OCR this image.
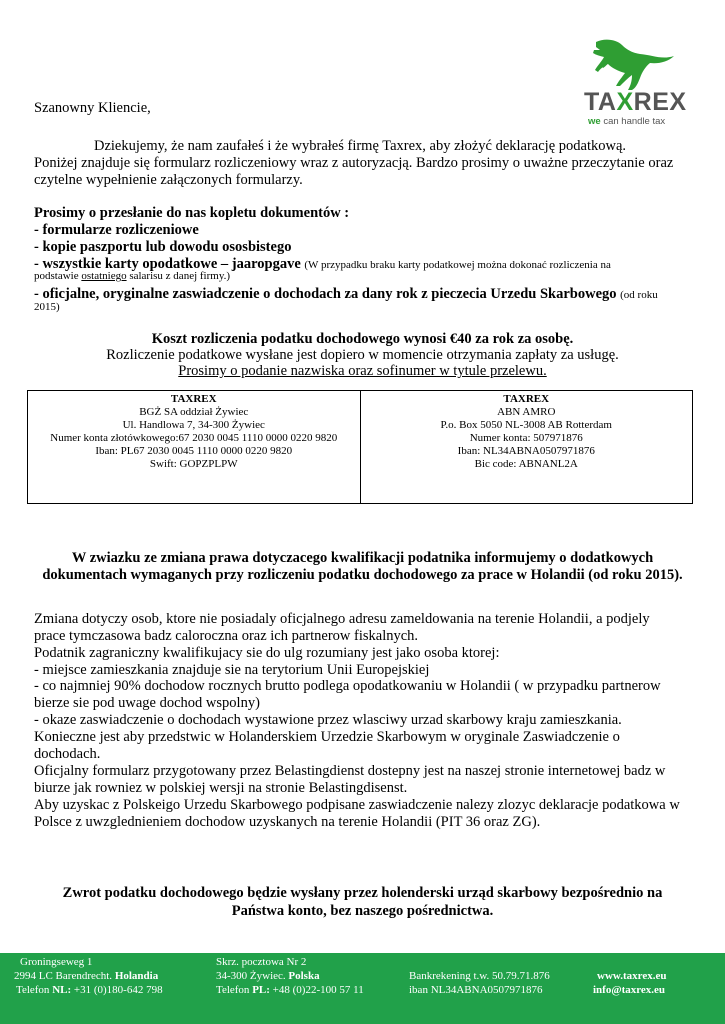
TAXREX
we can handle tax
Szanowny Kliencie,
Dziekujemy, że nam zaufałeś i że wybrałeś firmę Taxrex, aby złożyć deklarację podatkową.
Poniżej znajduje się formularz rozliczeniowy wraz z autoryzacją. Bardzo prosimy o uważne przeczytanie oraz
czytelne wypełnienie załączonych formularzy.
Prosimy o przesłanie do nas kopletu dokumentów :
- formularze rozliczeniowe
- kopie paszportu lub dowodu ososbistego
- wszystkie karty opodatkowe – jaaropgave (W przypadku braku karty podatkowej można dokonać rozliczenia na
podstawie ostatniego salarisu z danej firmy.)
- oficjalne, oryginalne zaswiadczenie o dochodach za dany rok z pieczecia Urzedu Skarbowego (od roku
2015)
Koszt rozliczenia podatku dochodowego wynosi €40 za rok za osobę.
Rozliczenie podatkowe wysłane jest dopiero w momencie otrzymania zapłaty za usługę.
Prosimy o podanie nazwiska oraz sofinumer w tytule przelewu.
TAXREX
BGŻ SA oddział Żywiec
Ul. Handlowa 7, 34-300 Żywiec
Numer konta złotówkowego:67 2030 0045 1110 0000 0220 9820
Iban: PL67 2030 0045 1110 0000 0220 9820
Swift: GOPZPLPW
TAXREX
ABN AMRO
P.o. Box 5050 NL-3008 AB Rotterdam
Numer konta: 507971876
Iban: NL34ABNA0507971876
Bic code: ABNANL2A
W zwiazku ze zmiana prawa dotyczacego kwalifikacji podatnika informujemy o dodatkowych
dokumentach wymaganych przy rozliczeniu podatku dochodowego za prace w Holandii (od roku 2015).
Zmiana dotyczy osob, ktore nie posiadaly oficjalnego adresu zameldowania na terenie Holandii, a podjely
prace tymczasowa badz caloroczna oraz ich partnerow fiskalnych.
Podatnik zagraniczny kwalifikujacy sie do ulg rozumiany jest jako osoba ktorej:
- miejsce zamieszkania znajduje sie na terytorium Unii Europejskiej
- co najmniej 90% dochodow rocznych brutto podlega opodatkowaniu w Holandii ( w przypadku partnerow
bierze sie pod uwage dochod wspolny)
- okaze zaswiadczenie o dochodach wystawione przez wlasciwy urzad skarbowy kraju zamieszkania.
Konieczne jest aby przedstwic w Holanderskiem Urzedzie Skarbowym w oryginale Zaswiadczenie o
dochodach.
Oficjalny formularz przygotowany przez Belastingdienst dostepny jest na naszej stronie internetowej badz w
biurze jak rowniez w polskiej wersji na stronie Belastingdisenst.
Aby uzyskac z Polskeigo Urzedu Skarbowego podpisane zaswiadczenie nalezy zlozyc deklaracje podatkowa w
Polsce z uwzglednieniem dochodow uzyskanych na terenie Holandii (PIT 36 oraz ZG).
Zwrot podatku dochodowego będzie wysłany przez holenderski urząd skarbowy bezpośrednio na
Państwa konto, bez naszego pośrednictwa.
Groningseweg 1
2994 LC Barendrecht. Holandia
Telefon NL: +31 (0)180-642 798
Skrz. pocztowa Nr 2
34-300 Żywiec. Polska
Telefon PL: +48 (0)22-100 57 11
Bankrekening t.w. 50.79.71.876
iban NL34ABNA0507971876
www.taxrex.eu
info@taxrex.eu
